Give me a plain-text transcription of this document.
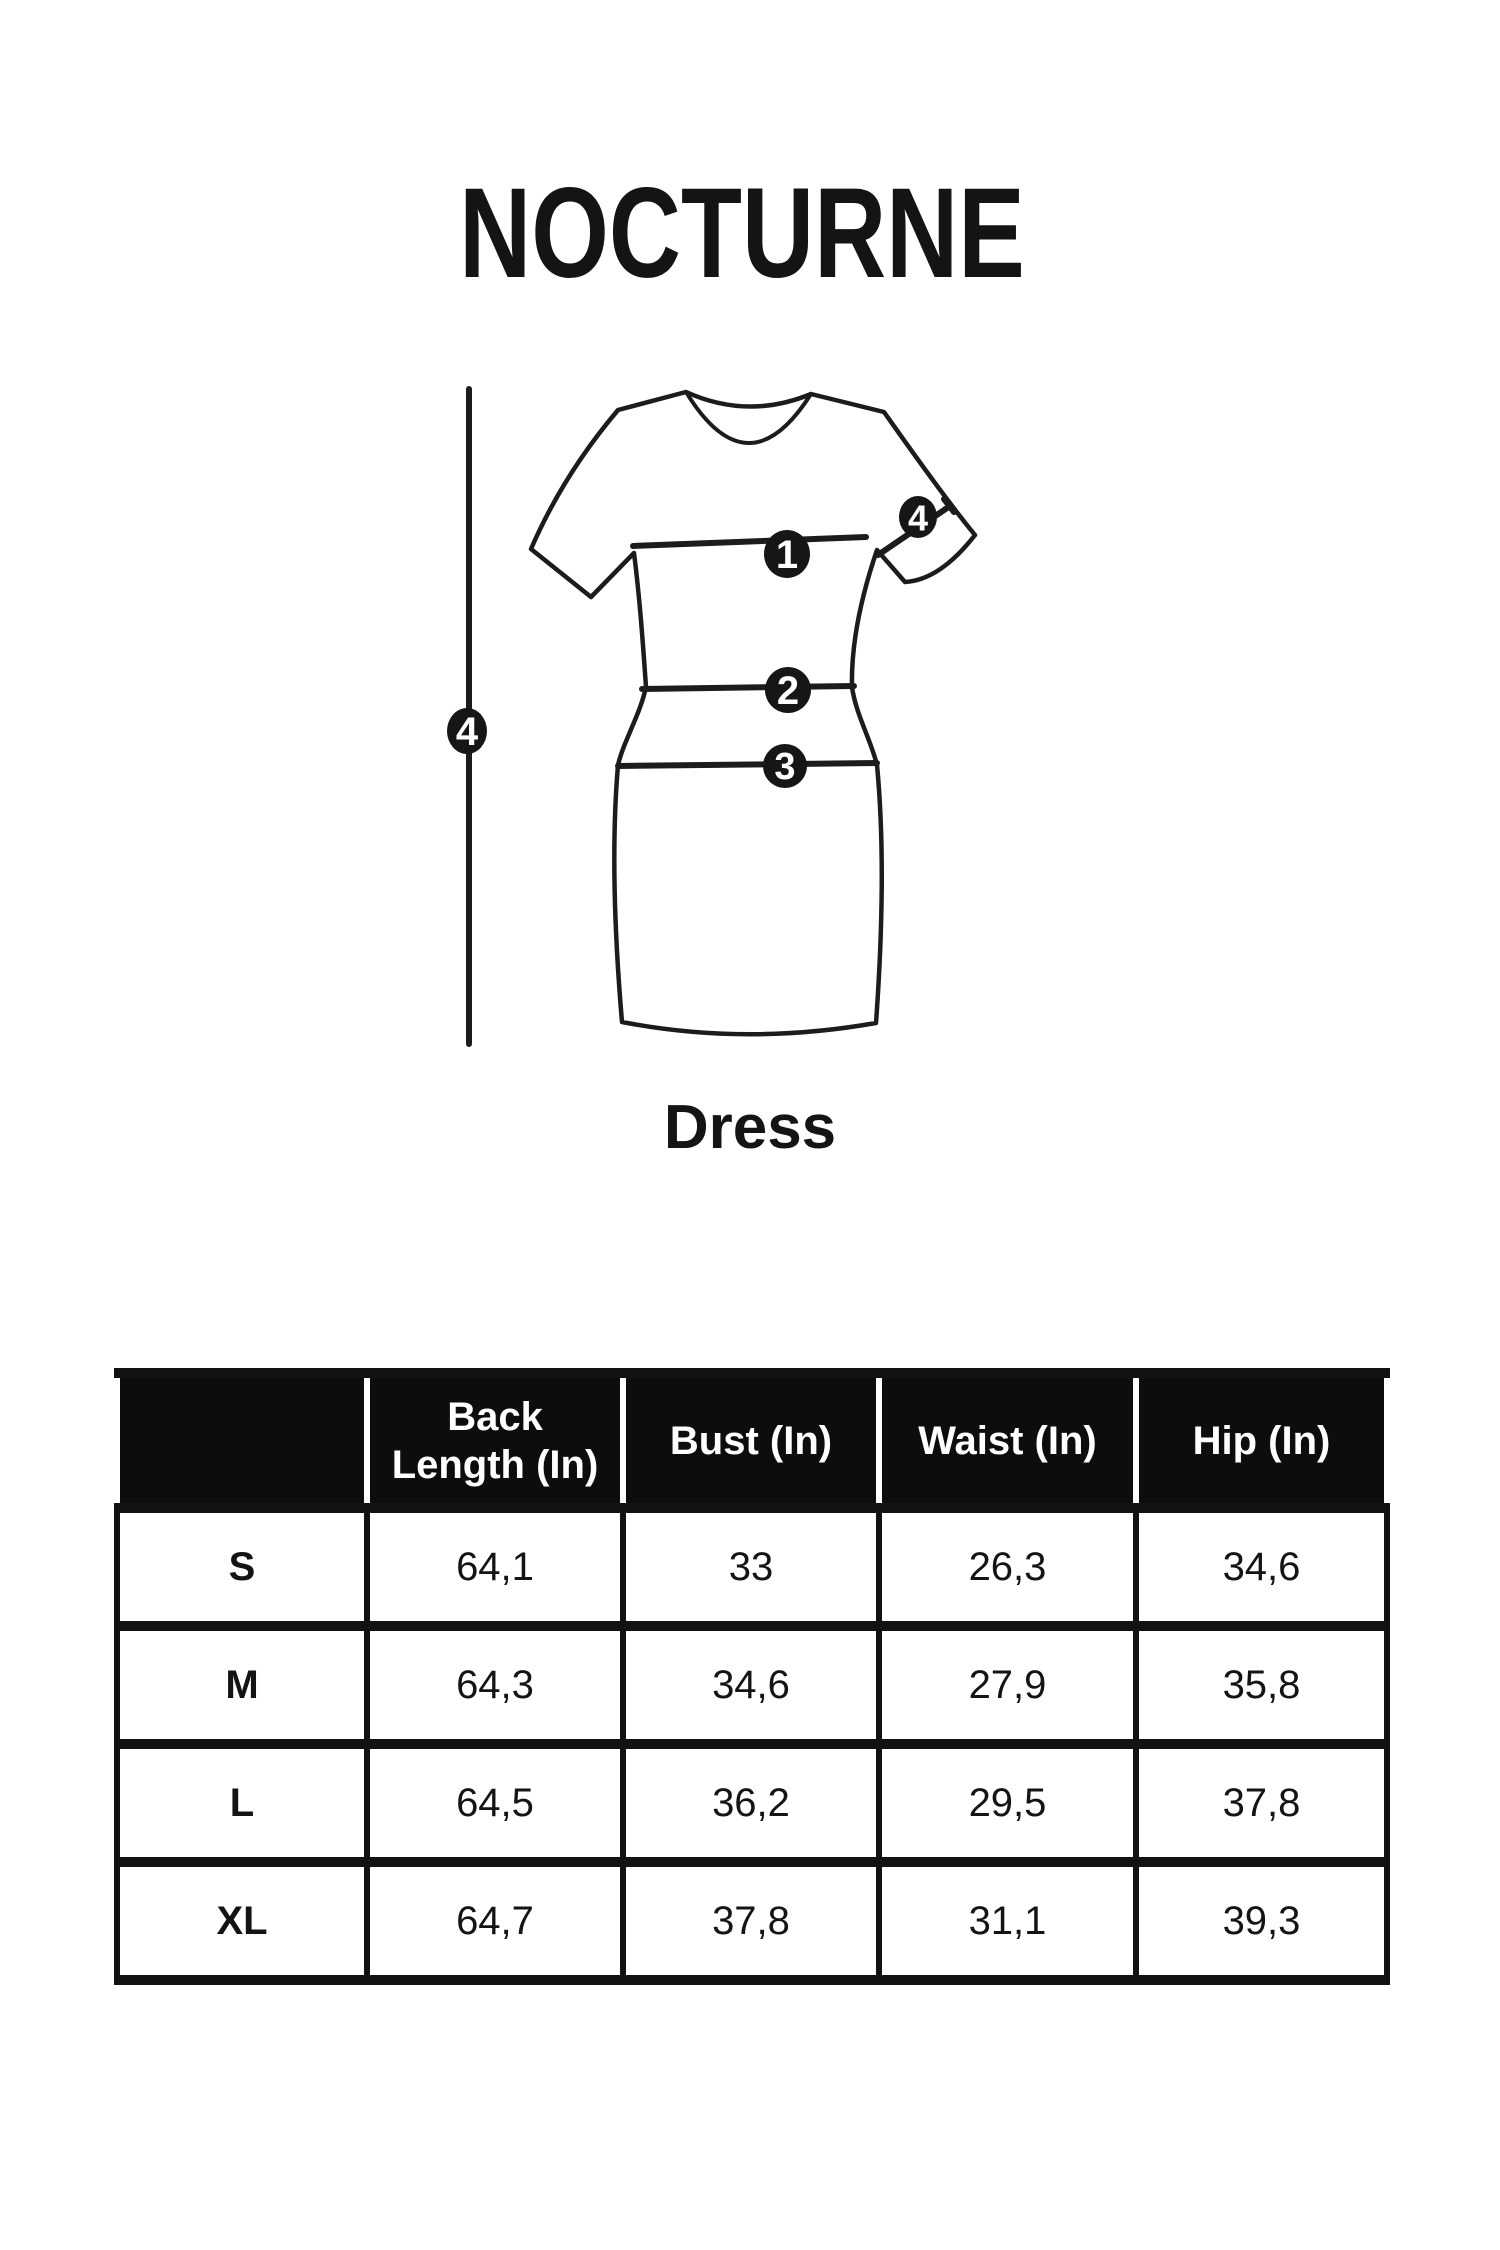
NOCTURNE
4
1
2
3
4
Dress
	Back Length (In)	Bust (In)	Waist (In)	Hip (In)
S	64,1	33	26,3	34,6
M	64,3	34,6	27,9	35,8
L	64,5	36,2	29,5	37,8
XL	64,7	37,8	31,1	39,3
